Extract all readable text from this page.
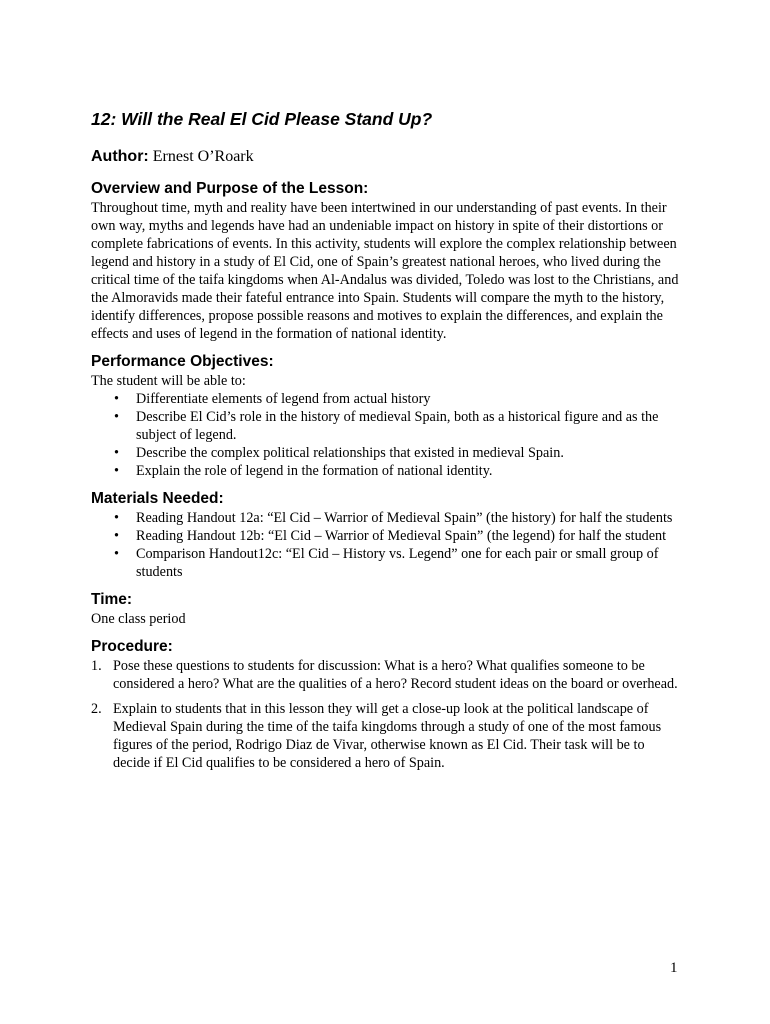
12: Will the Real El Cid Please Stand Up?
Author: Ernest O’Roark
Overview and Purpose of the Lesson:

Throughout time, myth and reality have been intertwined in our understanding of past events. In their own way, myths and legends have had an undeniable impact on history in spite of their distortions or complete fabrications of events. In this activity, students will explore the complex relationship between legend and history in a study of El Cid, one of Spain’s greatest national heroes, who lived during the critical time of the taifa kingdoms when Al-Andalus was divided, Toledo was lost to the Christians, and the Almoravids made their fateful entrance into Spain. Students will compare the myth to the history, identify differences, propose possible reasons and motives to explain the differences, and explain the effects and uses of legend in the formation of national identity.

Performance Objectives:

The student will be able to:

• Differentiate elements of legend from actual history
• Describe El Cid’s role in the history of medieval Spain, both as a historical figure and as the subject of legend.
• Describe the complex political relationships that existed in medieval Spain.
• Explain the role of legend in the formation of national identity.
Materials Needed:
• Reading Handout 12a: “El Cid – Warrior of Medieval Spain” (the history) for half the students
• Reading Handout 12b: “El Cid – Warrior of Medieval Spain” (the legend) for half the student
• Comparison Handout12c: “El Cid – History vs. Legend” one for each pair or small group of students
Time:

One class period

Procedure:
1. Pose these questions to students for discussion: What is a hero? What qualifies someone to be considered a hero? What are the qualities of a hero? Record student ideas on the board or overhead.
2. Explain to students that in this lesson they will get a close-up look at the political landscape of Medieval Spain during the time of the taifa kingdoms through a study of one of the most famous figures of the period, Rodrigo Diaz de Vivar, otherwise known as El Cid. Their task will be to decide if El Cid qualifies to be considered a hero of Spain.
1
